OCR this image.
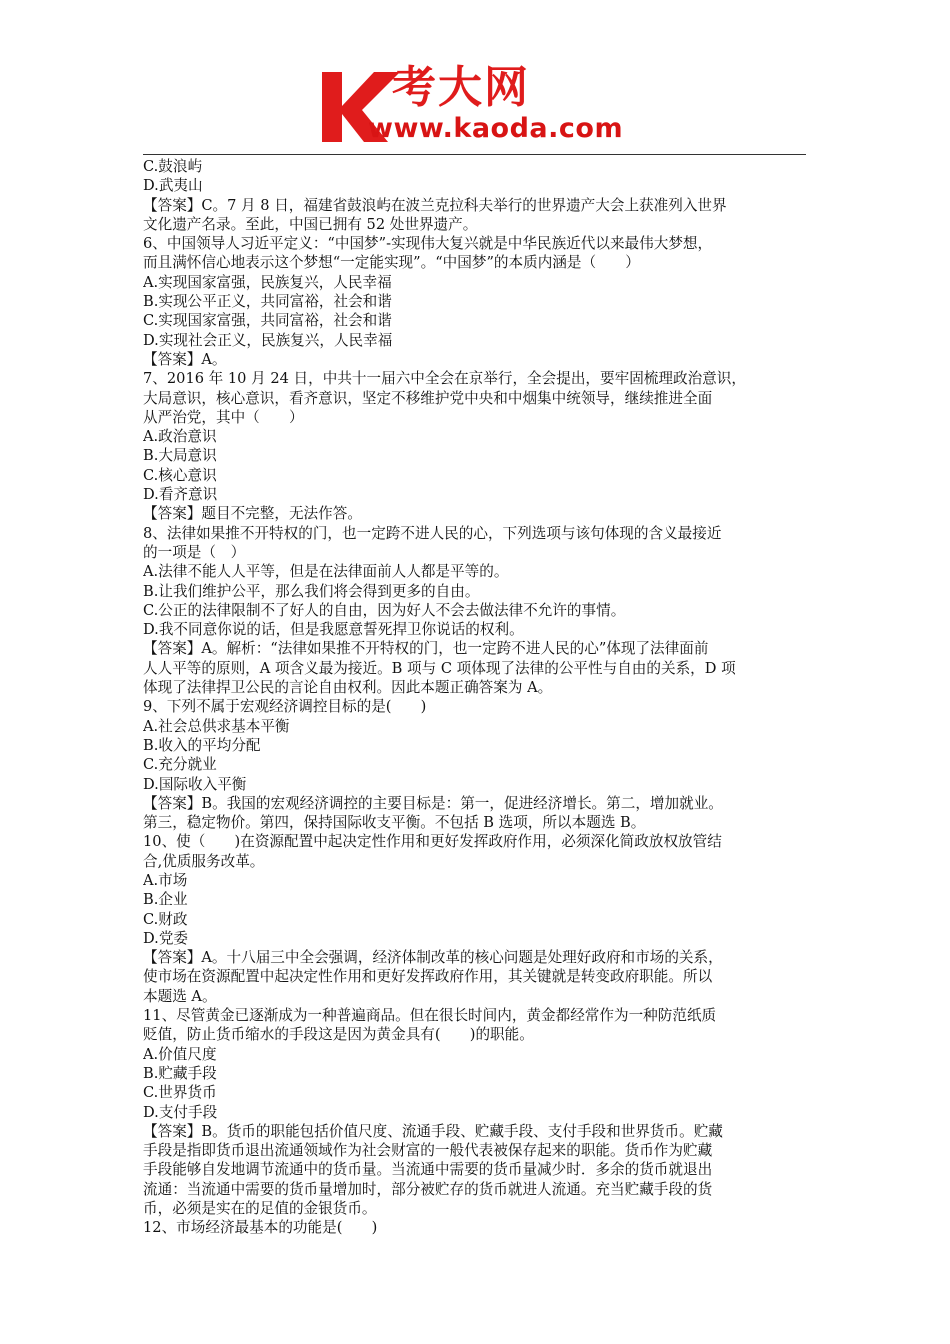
考大网
www.kaoda.com
C.鼓浪屿
D.武夷山
【答案】C。7 月 8 日，福建省鼓浪屿在波兰克拉科夫举行的世界遗产大会上获准列入世界
文化遗产名录。至此，中国已拥有 52 处世界遗产。
6、中国领导人习近平定义：“中国梦”-实现伟大复兴就是中华民族近代以来最伟大梦想，
而且满怀信心地表示这个梦想“一定能实现”。“中国梦”的本质内涵是（　　）
A.实现国家富强，民族复兴，人民幸福
B.实现公平正义，共同富裕，社会和谐
C.实现国家富强，共同富裕，社会和谐
D.实现社会正义，民族复兴，人民幸福
【答案】A。
7、2016 年 10 月 24 日，中共十一届六中全会在京举行，全会提出，要牢固梳理政治意识，
大局意识，核心意识，看齐意识，坚定不移维护党中央和中烟集中统领导，继续推进全面
从严治党，其中（　　）
A.政治意识
B.大局意识
C.核心意识
D.看齐意识
【答案】题目不完整，无法作答。
8、法律如果推不开特权的门，也一定跨不进人民的心，下列选项与该句体现的含义最接近
的一项是（　）
A.法律不能人人平等，但是在法律面前人人都是平等的。
B.让我们维护公平，那么我们将会得到更多的自由。
C.公正的法律限制不了好人的自由，因为好人不会去做法律不允许的事情。
D.我不同意你说的话，但是我愿意誓死捍卫你说话的权利。
【答案】A。解析：“法律如果推不开特权的门，也一定跨不进人民的心”体现了法律面前
人人平等的原则，A 项含义最为接近。B 项与 C 项体现了法律的公平性与自由的关系，D 项
体现了法律捍卫公民的言论自由权利。因此本题正确答案为 A。
9、下列不属于宏观经济调控目标的是(　　)
A.社会总供求基本平衡
B.收入的平均分配
C.充分就业
D.国际收入平衡
【答案】B。我国的宏观经济调控的主要目标是：第一，促进经济增长。第二，增加就业。
第三，稳定物价。第四，保持国际收支平衡。不包括 B 选项，所以本题选 B。
10、使（　　)在资源配置中起决定性作用和更好发挥政府作用，必须深化简政放权放管结
合,优质服务改革。
A.市场
B.企业
C.财政
D.党委
【答案】A。十八届三中全会强调，经济体制改革的核心问题是处理好政府和市场的关系，
使市场在资源配置中起决定性作用和更好发挥政府作用，其关键就是转变政府职能。所以
本题选 A。
11、尽管黄金已逐渐成为一种普遍商品。但在很长时间内，黄金都经常作为一种防范纸质
贬值，防止货币缩水的手段这是因为黄金具有(　　)的职能。
A.价值尺度
B.贮藏手段
C.世界货币
D.支付手段
【答案】B。货币的职能包括价值尺度、流通手段、贮藏手段、支付手段和世界货币。贮藏
手段是指即货币退出流通领域作为社会财富的一般代表被保存起来的职能。货币作为贮藏
手段能够自发地调节流通中的货币量。当流通中需要的货币量减少时．多余的货币就退出
流通：当流通中需要的货币量增加时，部分被贮存的货币就进人流通。充当贮藏手段的货
币，必须是实在的足值的金银货币。
12、市场经济最基本的功能是(　　)
